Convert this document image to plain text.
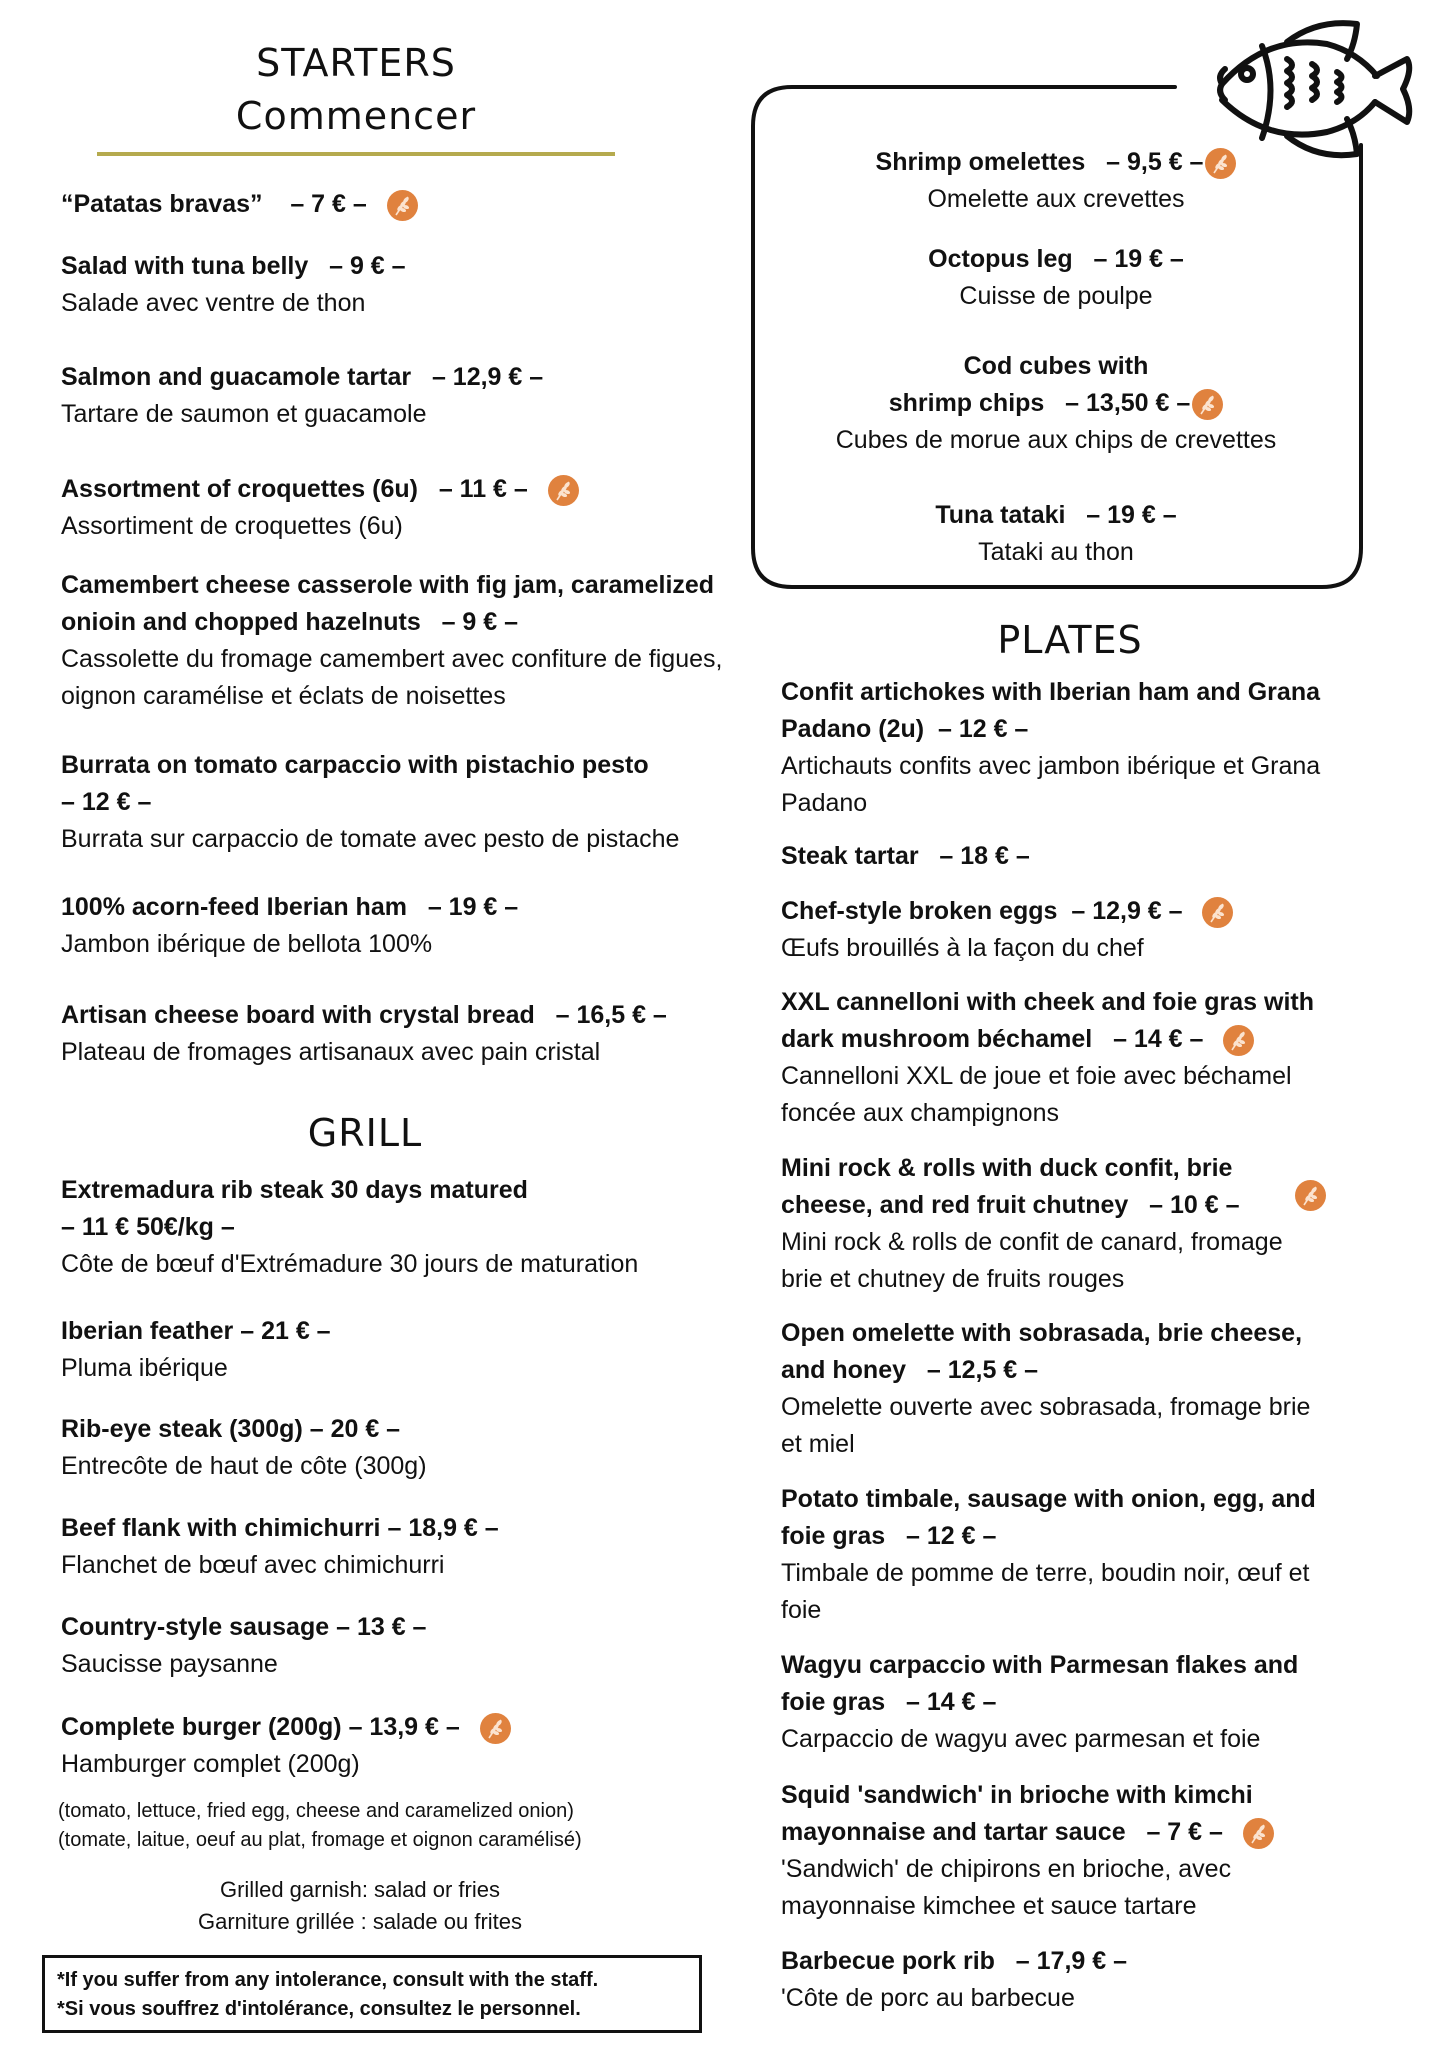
STARTERS
Commencer
“Patatas bravas” – 7 € –
Salad with tuna belly – 9 € –
Salade avec ventre de thon
Salmon and guacamole tartar – 12,9 € –
Tartare de saumon et guacamole
Assortment of croquettes (6u) – 11 € –
Assortiment de croquettes (6u)
Camembert cheese casserole with fig jam, caramelized
onioin and chopped hazelnuts – 9 € –
Cassolette du fromage camembert avec confiture de figues,
oignon caramélise et éclats de noisettes
Burrata on tomato carpaccio with pistachio pesto
– 12 € –
Burrata sur carpaccio de tomate avec pesto de pistache
100% acorn-feed Iberian ham – 19 € –
Jambon ibérique de bellota 100%
Artisan cheese board with crystal bread – 16,5 € –
Plateau de fromages artisanaux avec pain cristal
GRILL
Extremadura rib steak 30 days matured
– 11 € 50€/kg –
Côte de bœuf d'Extrémadure 30 jours de maturation
Iberian feather – 21 € –
Pluma ibérique
Rib-eye steak (300g) – 20 € –
Entrecôte de haut de côte (300g)
Beef flank with chimichurri – 18,9 € –
Flanchet de bœuf avec chimichurri
Country-style sausage – 13 € –
Saucisse paysanne
Complete burger (200g) – 13,9 € –
Hamburger complet (200g)
(tomato, lettuce, fried egg, cheese and caramelized onion)
(tomate, laitue, oeuf au plat, fromage et oignon caramélisé)
Grilled garnish: salad or fries
Garniture grillée : salade ou frites
*If you suffer from any intolerance, consult with the staff.
*Si vous souffrez d'intolérance, consultez le personnel.
Shrimp omelettes – 9,5 € –
Omelette aux crevettes
Octopus leg – 19 € –
Cuisse de poulpe
Cod cubes with
shrimp chips – 13,50 € –
Cubes de morue aux chips de crevettes
Tuna tataki – 19 € –
Tataki au thon
PLATES
Confit artichokes with Iberian ham and Grana
Padano (2u) – 12 € –
Artichauts confits avec jambon ibérique et Grana
Padano
Steak tartar – 18 € –
Chef-style broken eggs – 12,9 € –
Œufs brouillés à la façon du chef
XXL cannelloni with cheek and foie gras with
dark mushroom béchamel – 14 € –
Cannelloni XXL de joue et foie avec béchamel
foncée aux champignons
Mini rock & rolls with duck confit, brie
cheese, and red fruit chutney – 10 € –
Mini rock & rolls de confit de canard, fromage
brie et chutney de fruits rouges
Open omelette with sobrasada, brie cheese,
and honey – 12,5 € –
Omelette ouverte avec sobrasada, fromage brie
et miel
Potato timbale, sausage with onion, egg, and
foie gras – 12 € –
Timbale de pomme de terre, boudin noir, œuf et
foie
Wagyu carpaccio with Parmesan flakes and
foie gras – 14 € –
Carpaccio de wagyu avec parmesan et foie
Squid 'sandwich' in brioche with kimchi
mayonnaise and tartar sauce – 7 € –
'Sandwich' de chipirons en brioche, avec
mayonnaise kimchee et sauce tartare
Barbecue pork rib – 17,9 € –
'Côte de porc au barbecue
